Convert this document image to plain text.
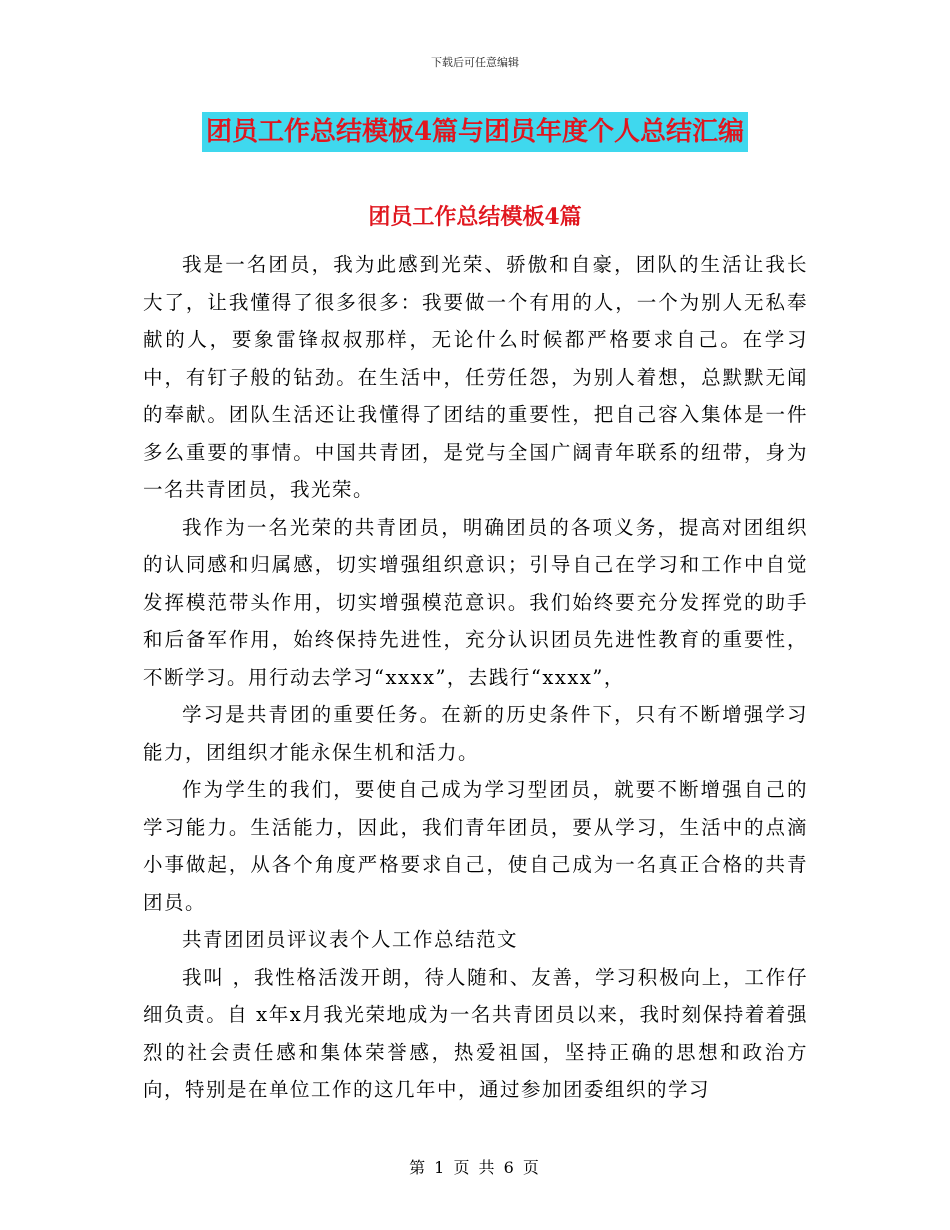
下载后可任意编辑
团员工作总结模板4篇与团员年度个人总结汇编
团员工作总结模板4篇

我是一名团员，我为此感到光荣、骄傲和自豪，团队的生活让我长大了，让我懂得了很多很多：我要做一个有用的人，一个为别人无私奉献的人，要象雷锋叔叔那样，无论什么时候都严格要求自己。在学习中，有钉子般的钻劲。在生活中，任劳任怨，为别人着想，总默默无闻的奉献。团队生活还让我懂得了团结的重要性，把自己容入集体是一件多么重要的事情。中国共青团，是党与全国广阔青年联系的纽带，身为一名共青团员，我光荣。

我作为一名光荣的共青团员，明确团员的各项义务，提高对团组织的认同感和归属感，切实增强组织意识；引导自己在学习和工作中自觉发挥模范带头作用，切实增强模范意识。我们始终要充分发挥党的助手和后备军作用，始终保持先进性，充分认识团员先进性教育的重要性，不断学习。用行动去学习“xxxx”，去践行“xxxx”，

学习是共青团的重要任务。在新的历史条件下，只有不断增强学习能力，团组织才能永保生机和活力。

作为学生的我们，要使自己成为学习型团员，就要不断增强自己的学习能力。生活能力，因此，我们青年团员，要从学习，生活中的点滴小事做起，从各个角度严格要求自己，使自己成为一名真正合格的共青团员。

共青团团员评议表个人工作总结范文

我叫 ，我性格活泼开朗，待人随和、友善，学习积极向上，工作仔细负责。自 x年x月我光荣地成为一名共青团员以来，我时刻保持着着强烈的社会责任感和集体荣誉感，热爱祖国，坚持正确的思想和政治方向，特别是在单位工作的这几年中，通过参加团委组织的学习

第 1 页 共 6 页
